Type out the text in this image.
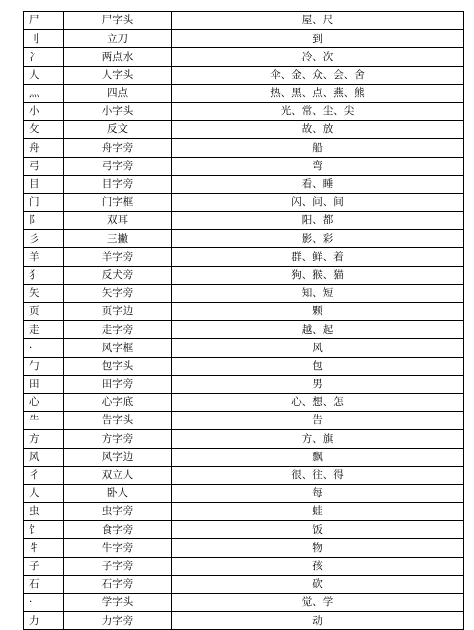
尸	尸字头	屋、尺
刂	立刀	到
冫	两点水	冷、次
人	人字头	伞、金、众、会、舍
灬	四点	热、黑、点、燕、熊
小	小字头	光、常、尘、尖
攵	反文	故、放
舟	舟字旁	船
弓	弓字旁	弯
目	目字旁	看、睡
门	门字框	闪、问、间
阝	双耳	阳、都
彡	三撇	影、彩
羊	羊字旁	群、鲜、着
犭	反犬旁	狗、猴、猫
矢	矢字旁	知、短
页	页字边	颗
走	走字旁	越、起
·	风字框	风
勹	包字头	包
田	田字旁	男
心	心字底	心、想、怎
⺧	告字头	告
方	方字旁	方、旗
风	风字边	飘
彳	双立人	很、往、得
人	卧人	每
虫	虫字旁	蛙
饣	食字旁	饭
牜	牛字旁	物
子	子字旁	孩
石	石字旁	砍
·	学字头	觉、学
力	力字旁	动
